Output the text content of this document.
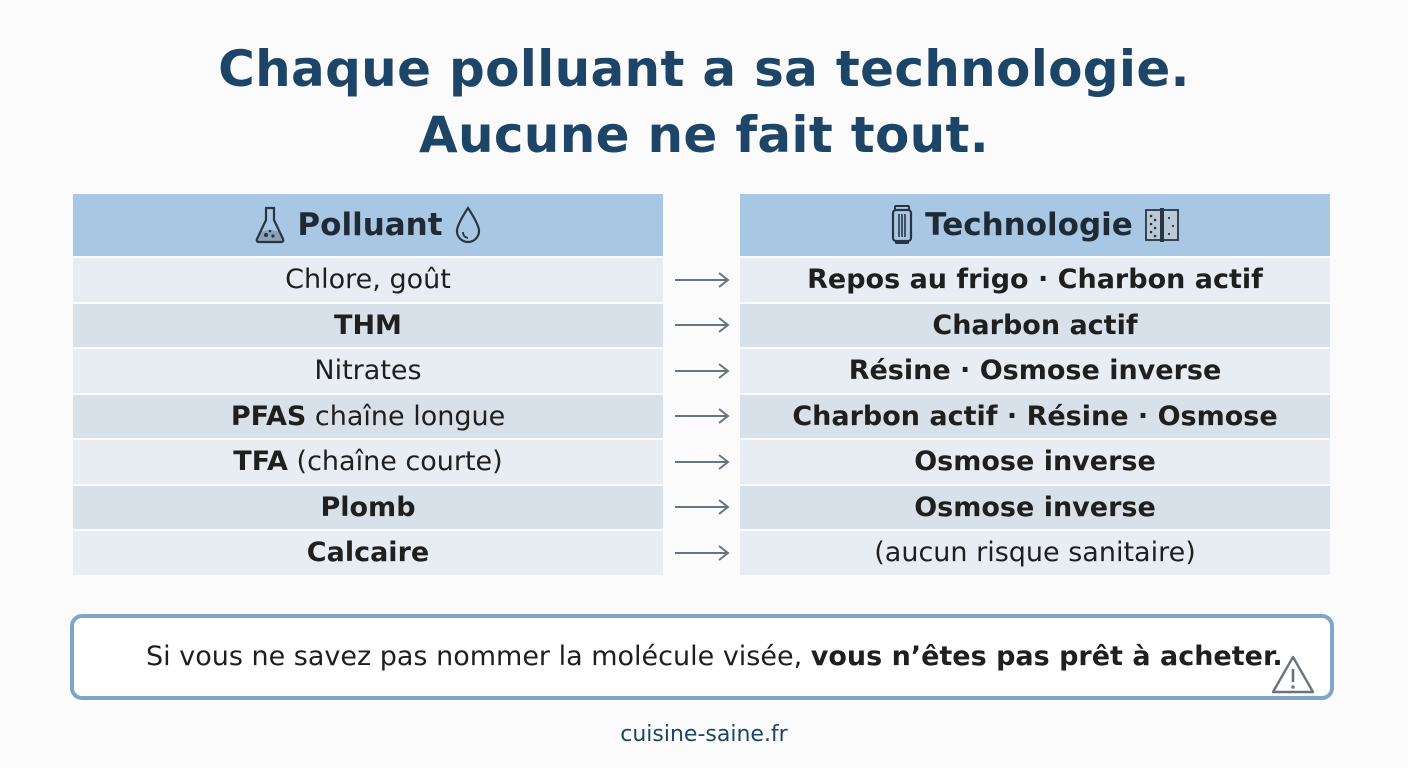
Chaque polluant a sa technologie.
Aucune ne fait tout.
Polluant
Chlore, goût
THM
Nitrates
PFAS chaîne longue
TFA (chaîne courte)
Plomb
Calcaire
Technologie
Repos au frigo · Charbon actif
Charbon actif
Résine · Osmose inverse
Charbon actif · Résine · Osmose
Osmose inverse
Osmose inverse
(aucun risque sanitaire)
Si vous ne savez pas nommer la molécule visée, vous n’êtes pas prêt à acheter.
cuisine-saine.fr
